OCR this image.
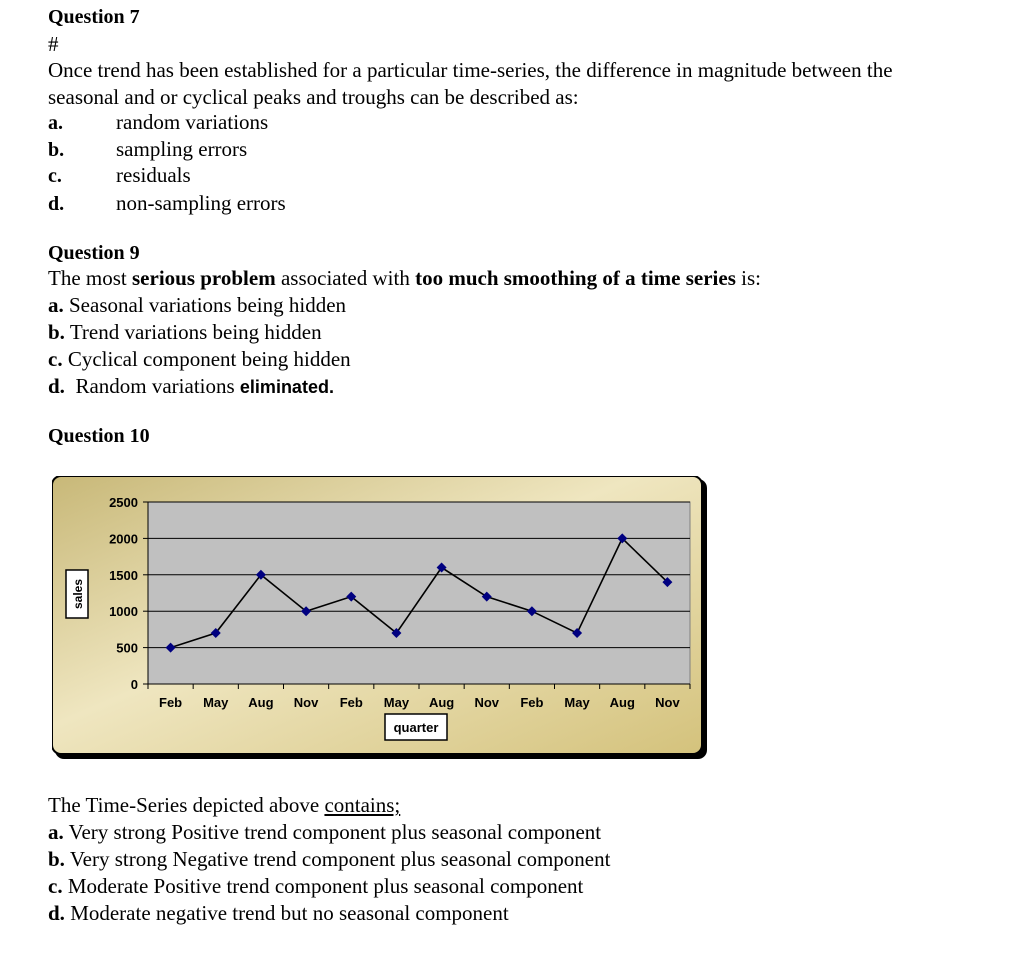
Question 7
#
Once trend has been established for a particular time-series, the difference in magnitude between the
seasonal and or cyclical peaks and troughs can be described as:
a.	random variations
b. sampling errors
c.	residuals
d. non-sampling errors
Question 9
The most serious problem associated with too much smoothing of a time series is:
a. Seasonal variations being hidden
b. Trend variations being hidden
c. Cyclical component being hidden
d. Random variations eliminated.
Question 10
0
500
1000
1500
2000
2500
Feb May Aug Nov Feb May Aug Nov Feb May Aug Nov
sales
quarter
The Time-Series depicted above contains;
a. Very strong Positive trend component plus seasonal component
b. Very strong Negative trend component plus seasonal component
c. Moderate Positive trend component plus seasonal component
d. Moderate negative trend but no seasonal component
